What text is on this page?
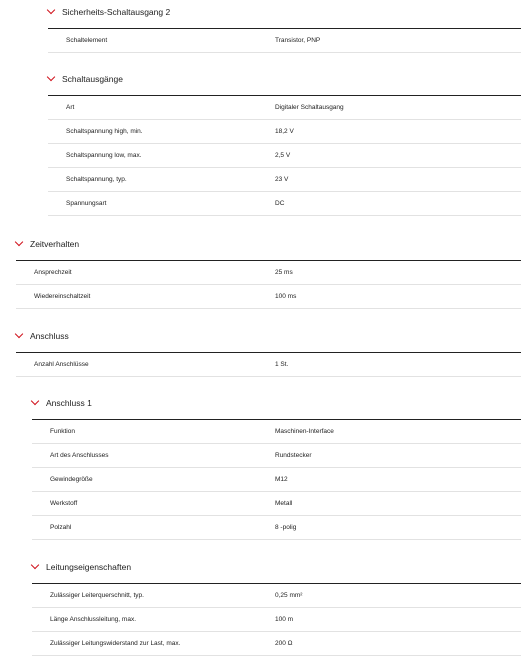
Sicherheits-Schaltausgang 2
Schaltelement	Transistor, PNP
Schaltausgänge
Art	Digitaler Schaltausgang
Schaltspannung high, min.	18,2 V
Schaltspannung low, max.	2,5 V
Schaltspannung, typ.	23 V
Spannungsart	DC
Zeitverhalten
Ansprechzeit	25 ms
Wiedereinschaltzeit	100 ms
Anschluss
Anzahl Anschlüsse	1 St.
Anschluss 1
Funktion	Maschinen-Interface
Art des Anschlusses	Rundstecker
Gewindegröße	M12
Werkstoff	Metall
Polzahl	8 -polig
Leitungseigenschaften
Zulässiger Leiterquerschnitt, typ.	0,25 mm²
Länge Anschlussleitung, max.	100 m
Zulässiger Leitungswiderstand zur Last, max.	200 Ω
